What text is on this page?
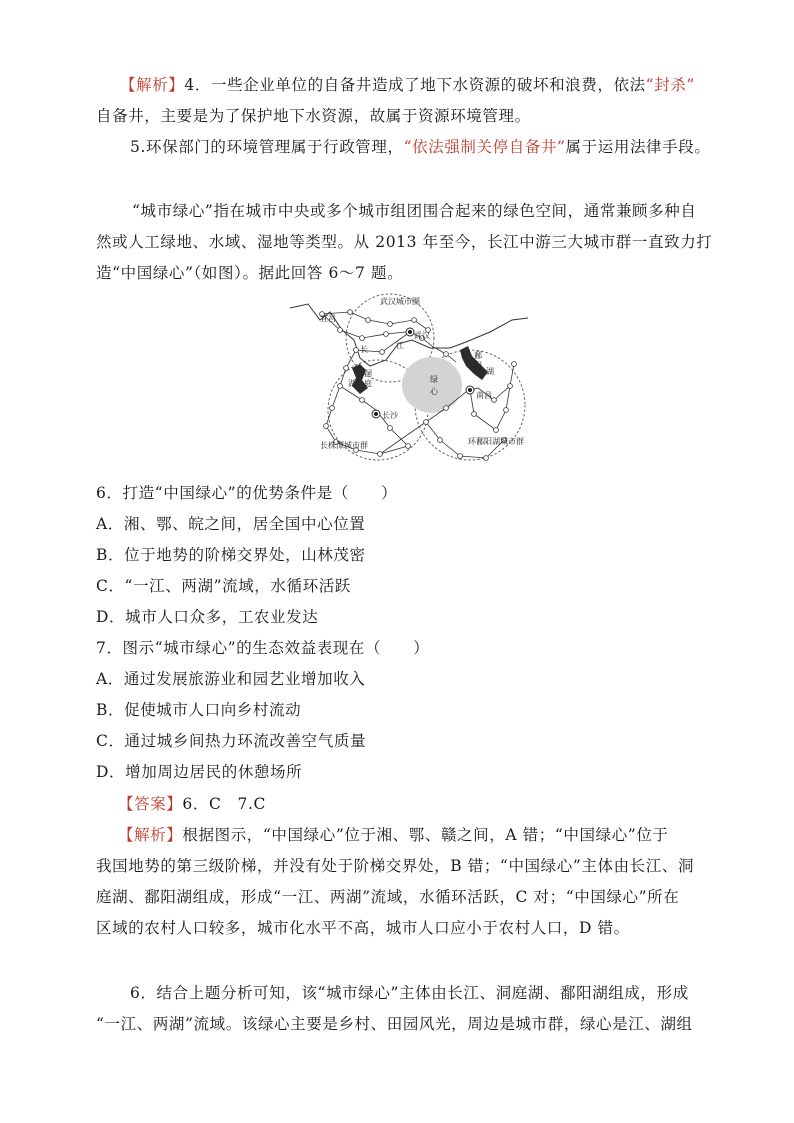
【解析】4．一些企业单位的自备井造成了地下水资源的破坏和浪费，依法“封杀”
自备井，主要是为了保护地下水资源，故属于资源环境管理。
5.环保部门的环境管理属于行政管理，“依法强制关停自备井”属于运用法律手段。
“城市绿心”指在城市中央或多个城市组团围合起来的绿色空间，通常兼顾多种自
然或人工绿地、水域、湿地等类型。从 2013 年至今，长江中游三大城市群一直致力打
造“中国绿心”（如图）。据此回答 6～7 题。
武汉城市圈
宜昌
武汉
长	江
洞
庭
湖	绿
心
鄱
阳
湖
南昌
长沙
长株潭城市群	环鄱阳湖城市群
6．打造“中国绿心”的优势条件是（　　）
A．湘、鄂、皖之间，居全国中心位置
B．位于地势的阶梯交界处，山林茂密
C．“一江、两湖”流域，水循环活跃
D．城市人口众多，工农业发达
7．图示“城市绿心”的生态效益表现在（　　）
A．通过发展旅游业和园艺业增加收入
B．促使城市人口向乡村流动
C．通过城乡间热力环流改善空气质量
D．增加周边居民的休憩场所
【答案】6．C　7.C
【解析】根据图示，“中国绿心”位于湘、鄂、赣之间，A 错；“中国绿心”位于
我国地势的第三级阶梯，并没有处于阶梯交界处，B 错；“中国绿心”主体由长江、洞
庭湖、鄱阳湖组成，形成“一江、两湖”流域，水循环活跃，C 对；“中国绿心”所在
区域的农村人口较多，城市化水平不高，城市人口应小于农村人口，D 错。
6．结合上题分析可知，该“城市绿心”主体由长江、洞庭湖、鄱阳湖组成，形成
“一江、两湖”流域。该绿心主要是乡村、田园风光，周边是城市群，绿心是江、湖组
